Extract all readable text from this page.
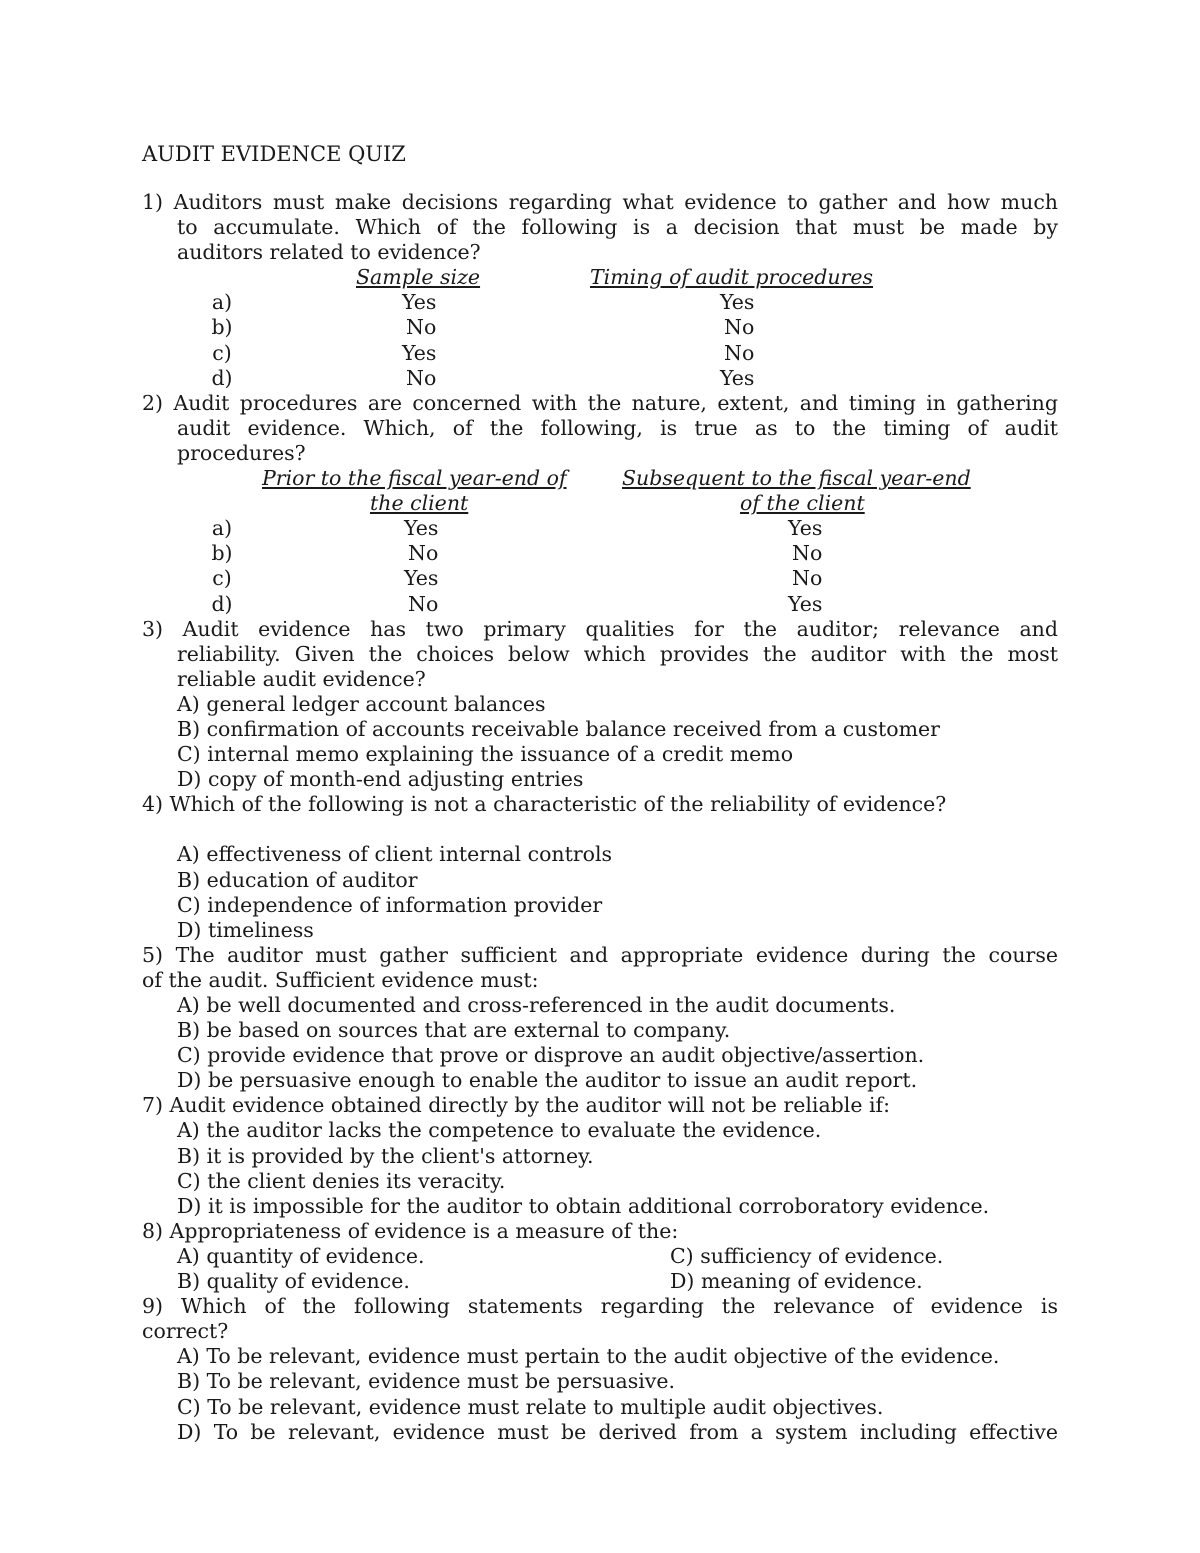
AUDIT EVIDENCE QUIZ
1) Auditors must make decisions regarding what evidence to gather and how much
to accumulate. Which of the following is a decision that must be made by
auditors related to evidence?
Sample size	Timing of audit procedures
a)	Yes	Yes
b)	No	No
c)	Yes	No
d)	No	Yes
2) Audit procedures are concerned with the nature, extent, and timing in gathering
audit evidence. Which, of the following, is true as to the timing of audit
procedures?
Prior to the fiscal year-end of	Subsequent to the fiscal year-end
the client	of the client
a)	Yes	Yes
b)	No	No
c)	Yes	No
d)	No	Yes
3) Audit evidence has two primary qualities for the auditor; relevance and
reliability. Given the choices below which provides the auditor with the most
reliable audit evidence?
A) general ledger account balances
B) confirmation of accounts receivable balance received from a customer
C) internal memo explaining the issuance of a credit memo
D) copy of month-end adjusting entries
4) Which of the following is not a characteristic of the reliability of evidence?
A) effectiveness of client internal controls
B) education of auditor
C) independence of information provider
D) timeliness
5) The auditor must gather sufficient and appropriate evidence during the course
of the audit. Sufficient evidence must:
A) be well documented and cross-referenced in the audit documents.
B) be based on sources that are external to company.
C) provide evidence that prove or disprove an audit objective/assertion.
D) be persuasive enough to enable the auditor to issue an audit report.
7) Audit evidence obtained directly by the auditor will not be reliable if:
A) the auditor lacks the competence to evaluate the evidence.
B) it is provided by the client's attorney.
C) the client denies its veracity.
D) it is impossible for the auditor to obtain additional corroboratory evidence.
8) Appropriateness of evidence is a measure of the:
A) quantity of evidence.	C) sufficiency of evidence.
B) quality of evidence.	D) meaning of evidence.
9) Which of the following statements regarding the relevance of evidence is
correct?
A) To be relevant, evidence must pertain to the audit objective of the evidence.
B) To be relevant, evidence must be persuasive.
C) To be relevant, evidence must relate to multiple audit objectives.
D) To be relevant, evidence must be derived from a system including effective
